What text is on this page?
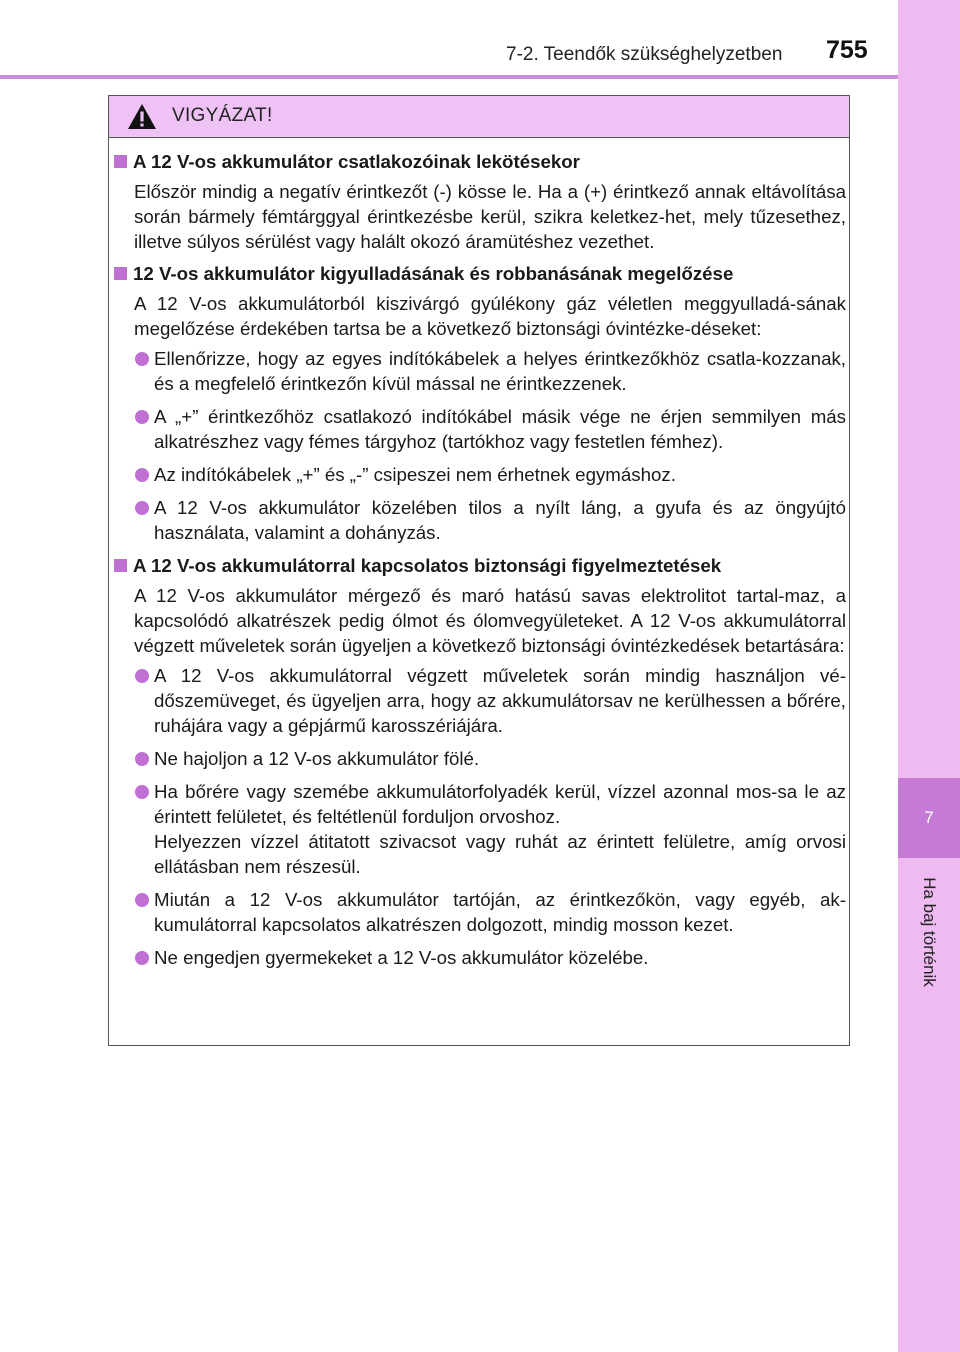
7-2. Teendők szükséghelyzetben 755
7
Ha baj történik
VIGYÁZAT!
A 12 V-os akkumulátor csatlakozóinak lekötésekor
Először mindig a negatív érintkezőt (-) kösse le. Ha a (+) érintkező annak eltávolítása során bármely fémtárggyal érintkezésbe kerül, szikra keletkez-het, mely tűzesethez, illetve súlyos sérülést vagy halált okozó áramütéshez vezethet.
12 V-os akkumulátor kigyulladásának és robbanásának megelőzése
A 12 V-os akkumulátorból kiszivárgó gyúlékony gáz véletlen meggyulladá-sának megelőzése érdekében tartsa be a következő biztonsági óvintézke-déseket:
Ellenőrizze, hogy az egyes indítókábelek a helyes érintkezőkhöz csatla-kozzanak, és a megfelelő érintkezőn kívül mással ne érintkezzenek.
A „+” érintkezőhöz csatlakozó indítókábel másik vége ne érjen semmilyen más alkatrészhez vagy fémes tárgyhoz (tartókhoz vagy festetlen fémhez).
Az indítókábelek „+” és „-” csipeszei nem érhetnek egymáshoz.
A 12 V-os akkumulátor közelében tilos a nyílt láng, a gyufa és az öngyújtó használata, valamint a dohányzás.
A 12 V-os akkumulátorral kapcsolatos biztonsági figyelmeztetések
A 12 V-os akkumulátor mérgező és maró hatású savas elektrolitot tartal-maz, a kapcsolódó alkatrészek pedig ólmot és ólomvegyületeket. A 12 V-os akkumulátorral végzett műveletek során ügyeljen a következő biztonsági óvintézkedések betartására:
A 12 V-os akkumulátorral végzett műveletek során mindig használjon vé-dőszemüveget, és ügyeljen arra, hogy az akkumulátorsav ne kerülhessen a bőrére, ruhájára vagy a gépjármű karosszériájára.
Ne hajoljon a 12 V-os akkumulátor fölé.
Ha bőrére vagy szemébe akkumulátorfolyadék kerül, vízzel azonnal mos-sa le az érintett felületet, és feltétlenül forduljon orvoshoz.
Helyezzen vízzel átitatott szivacsot vagy ruhát az érintett felületre, amíg orvosi ellátásban nem részesül.
Miután a 12 V-os akkumulátor tartóján, az érintkezőkön, vagy egyéb, ak-kumulátorral kapcsolatos alkatrészen dolgozott, mindig mosson kezet.
Ne engedjen gyermekeket a 12 V-os akkumulátor közelébe.
